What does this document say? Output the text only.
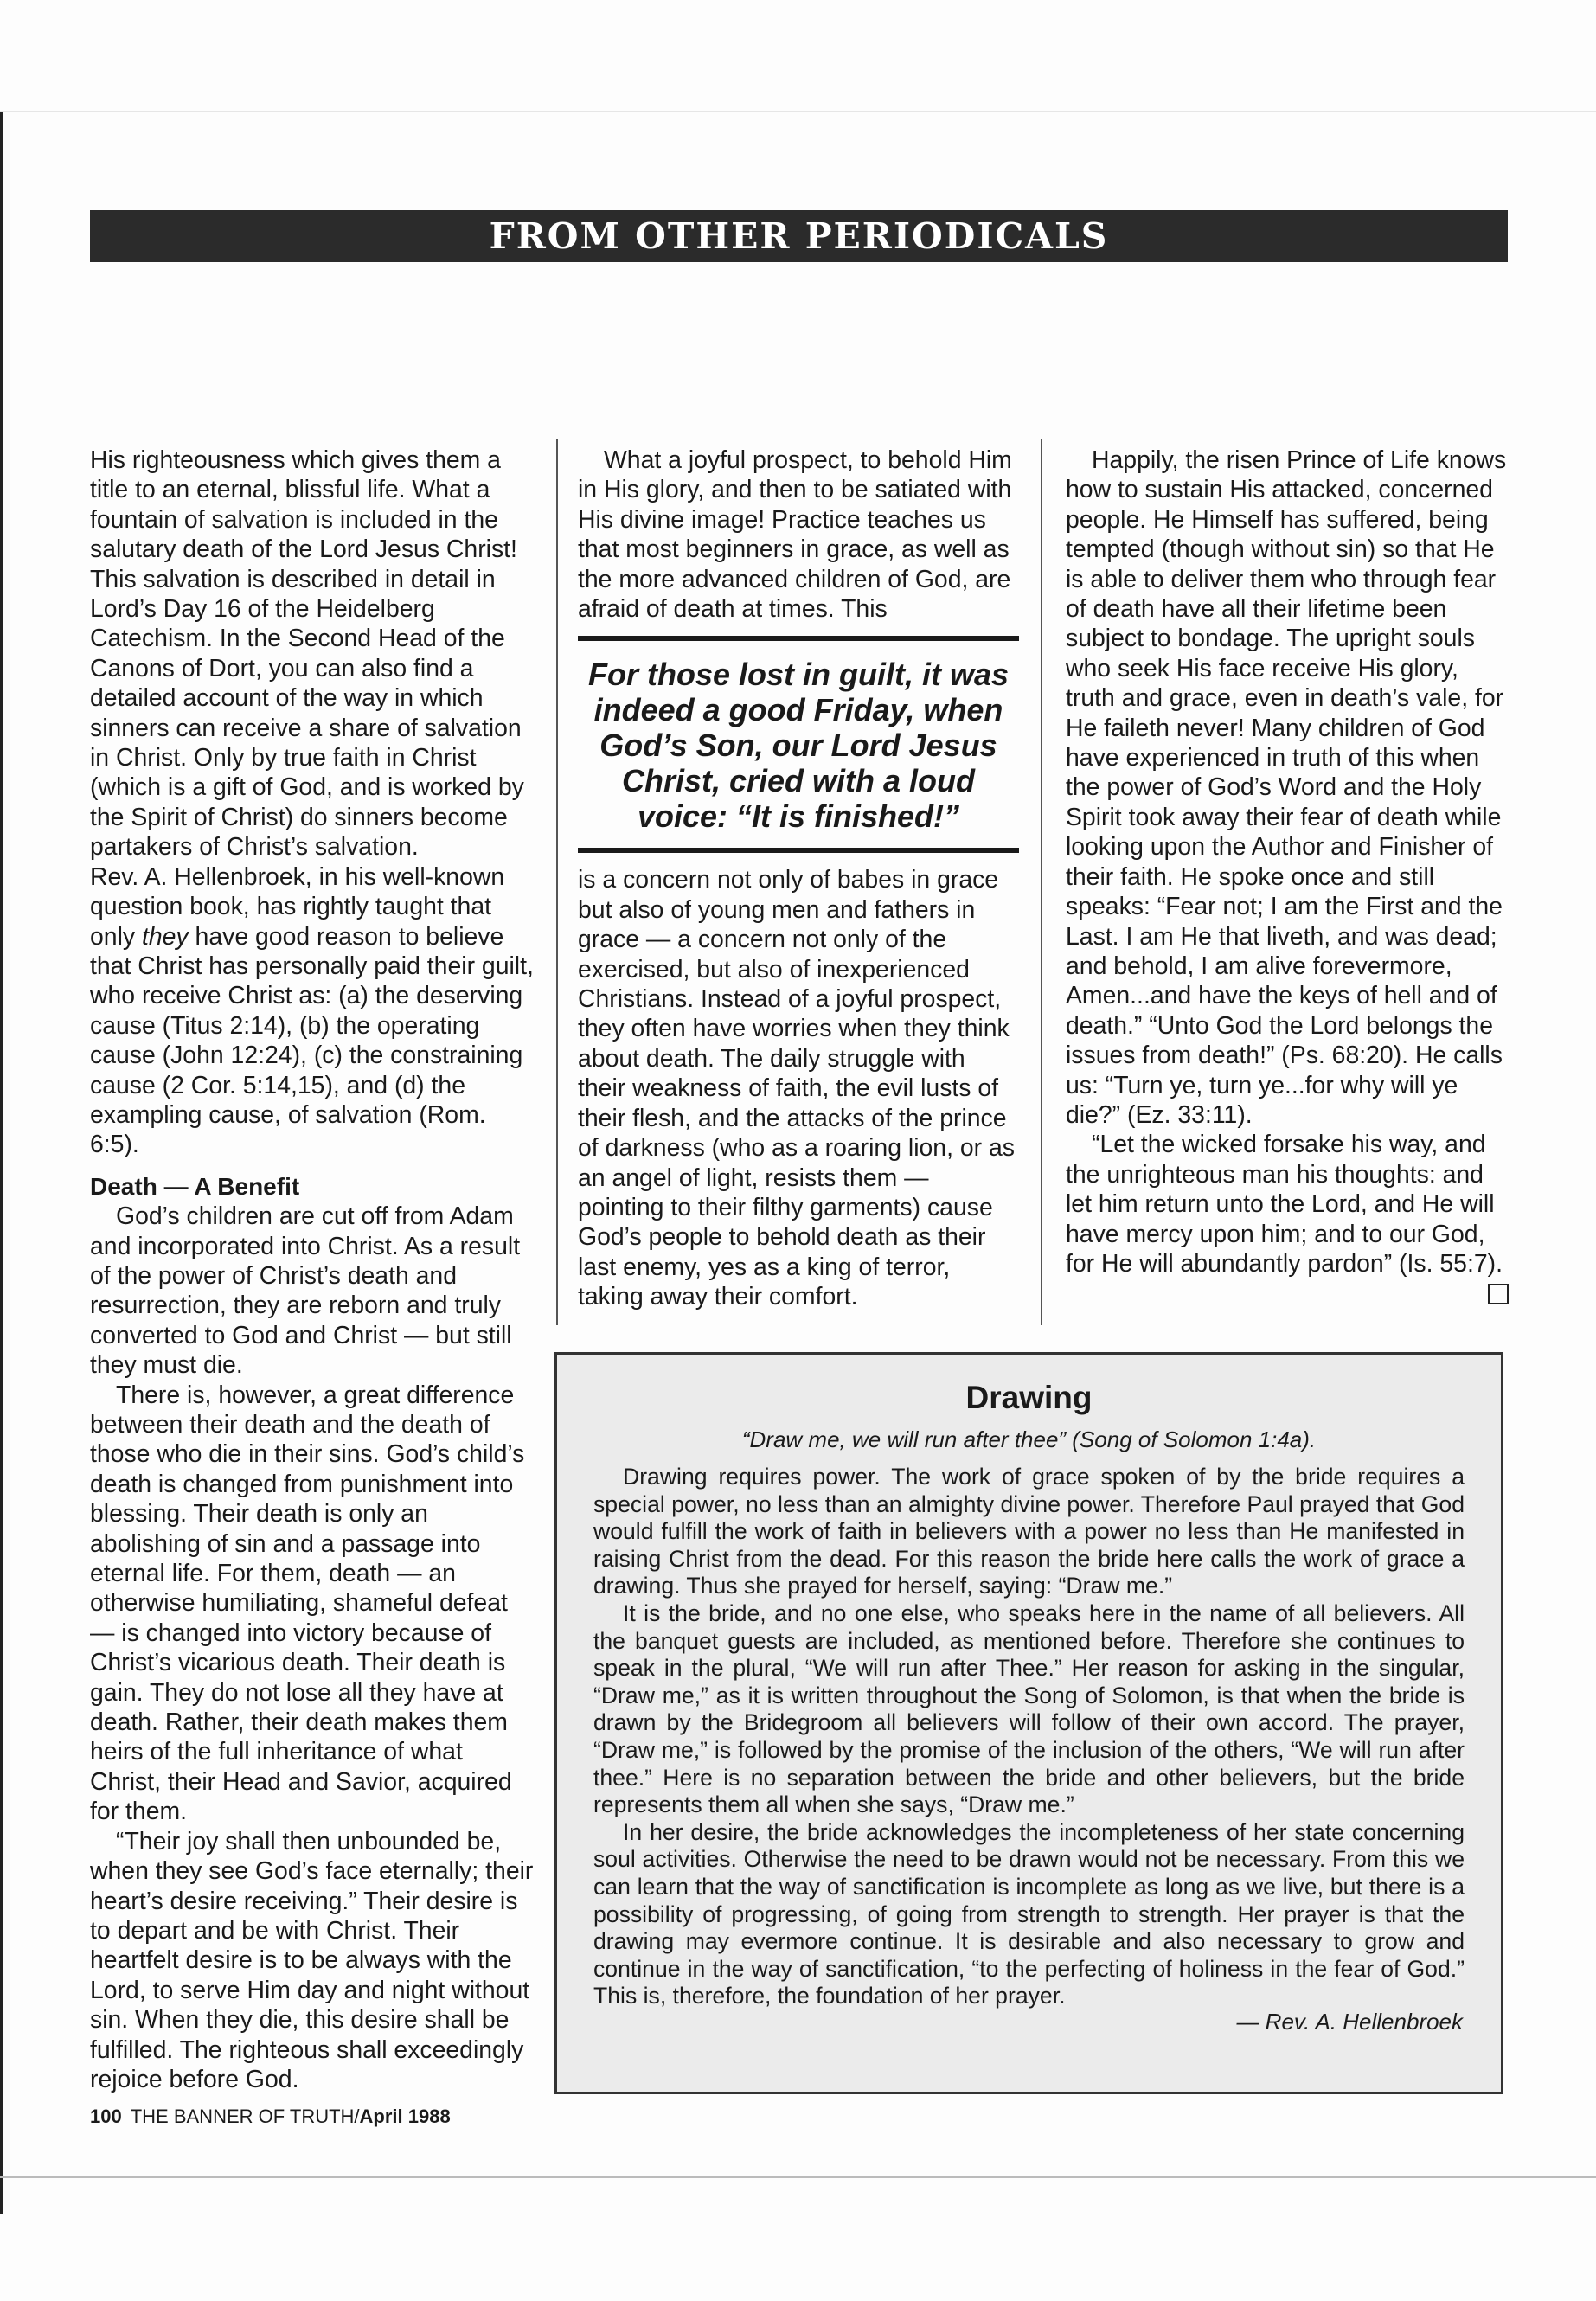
FROM OTHER PERIODICALS

His righteousness which gives them a title to an eternal, blissful life. What a fountain of salvation is included in the salutary death of the Lord Jesus Christ! This salvation is described in detail in Lord’s Day 16 of the Heidelberg Catechism. In the Second Head of the Canons of Dort, you can also find a detailed account of the way in which sinners can receive a share of salvation in Christ. Only by true faith in Christ (which is a gift of God, and is worked by the Spirit of Christ) do sinners become partakers of Christ’s salvation.

Rev. A. Hellenbroek, in his well-known question book, has rightly taught that only they have good reason to believe that Christ has personally paid their guilt, who receive Christ as: (a) the deserving cause (Titus 2:14), (b) the operating cause (John 12:24), (c) the constraining cause (2 Cor. 5:14,15), and (d) the exampling cause, of salvation (Rom. 6:5).

Death — A Benefit

God’s children are cut off from Adam and incorporated into Christ. As a result of the power of Christ’s death and resurrection, they are reborn and truly converted to God and Christ — but still they must die.

There is, however, a great difference between their death and the death of those who die in their sins. God’s child’s death is changed from punishment into blessing. Their death is only an abolishing of sin and a passage into eternal life. For them, death — an otherwise humiliating, shameful defeat — is changed into victory because of Christ’s vicarious death. Their death is gain. They do not lose all they have at death. Rather, their death makes them heirs of the full inheritance of what Christ, their Head and Savior, acquired for them.

“Their joy shall then unbounded be, when they see God’s face eternally; their heart’s desire receiving.” Their desire is to depart and be with Christ. Their heartfelt desire is to be always with the Lord, to serve Him day and night without sin. When they die, this desire shall be fulfilled. The righteous shall exceedingly rejoice before God.

What a joyful prospect, to behold Him in His glory, and then to be satiated with His divine image! Practice teaches us that most beginners in grace, as well as the more advanced children of God, are afraid of death at times. This

For those lost in guilt, it was indeed a good Friday, when God’s Son, our Lord Jesus Christ, cried with a loud voice: “It is finished!”

is a concern not only of babes in grace but also of young men and fathers in grace — a concern not only of the exercised, but also of inexperienced Christians. Instead of a joyful prospect, they often have worries when they think about death. The daily struggle with their weakness of faith, the evil lusts of their flesh, and the attacks of the prince of darkness (who as a roaring lion, or as an angel of light, resists them — pointing to their filthy garments) cause God’s people to behold death as their last enemy, yes as a king of terror, taking away their comfort.

Happily, the risen Prince of Life knows how to sustain His attacked, concerned people. He Himself has suffered, being tempted (though without sin) so that He is able to deliver them who through fear of death have all their lifetime been subject to bondage. The upright souls who seek His face receive His glory, truth and grace, even in death’s vale, for He faileth never! Many children of God have experienced in truth of this when the power of God’s Word and the Holy Spirit took away their fear of death while looking upon the Author and Finisher of their faith. He spoke once and still speaks: “Fear not; I am the First and the Last. I am He that liveth, and was dead; and behold, I am alive forevermore, Amen...and have the keys of hell and of death.” “Unto God the Lord belongs the issues from death!” (Ps. 68:20). He calls us: “Turn ye, turn ye...for why will ye die?” (Ez. 33:11).

“Let the wicked forsake his way, and the unrighteous man his thoughts: and let him return unto the Lord, and He will have mercy upon him; and to our God, for He will abundantly pardon” (Is. 55:7).

Drawing
“Draw me, we will run after thee” (Song of Solomon 1:4a).

Drawing requires power. The work of grace spoken of by the bride requires a special power, no less than an almighty divine power. Therefore Paul prayed that God would fulfill the work of faith in believers with a power no less than He manifested in raising Christ from the dead. For this reason the bride here calls the work of grace a drawing. Thus she prayed for herself, saying: “Draw me.”

It is the bride, and no one else, who speaks here in the name of all believers. All the banquet guests are included, as mentioned before. Therefore she continues to speak in the plural, “We will run after Thee.” Her reason for asking in the singular, “Draw me,” as it is written throughout the Song of Solomon, is that when the bride is drawn by the Bridegroom all believers will follow of their own accord. The prayer, “Draw me,” is followed by the promise of the inclusion of the others, “We will run after thee.” Here is no separation between the bride and other believers, but the bride represents them all when she says, “Draw me.”

In her desire, the bride acknowledges the incompleteness of her state concerning soul activities. Otherwise the need to be drawn would not be necessary. From this we can learn that the way of sanctification is incomplete as long as we live, but there is a possibility of progressing, of going from strength to strength. Her prayer is that the drawing may evermore continue. It is desirable and also necessary to grow and continue in the way of sanctification, “to the perfecting of holiness in the fear of God.” This is, therefore, the foundation of her prayer.

— Rev. A. Hellenbroek
100 THE BANNER OF TRUTH/April 1988
